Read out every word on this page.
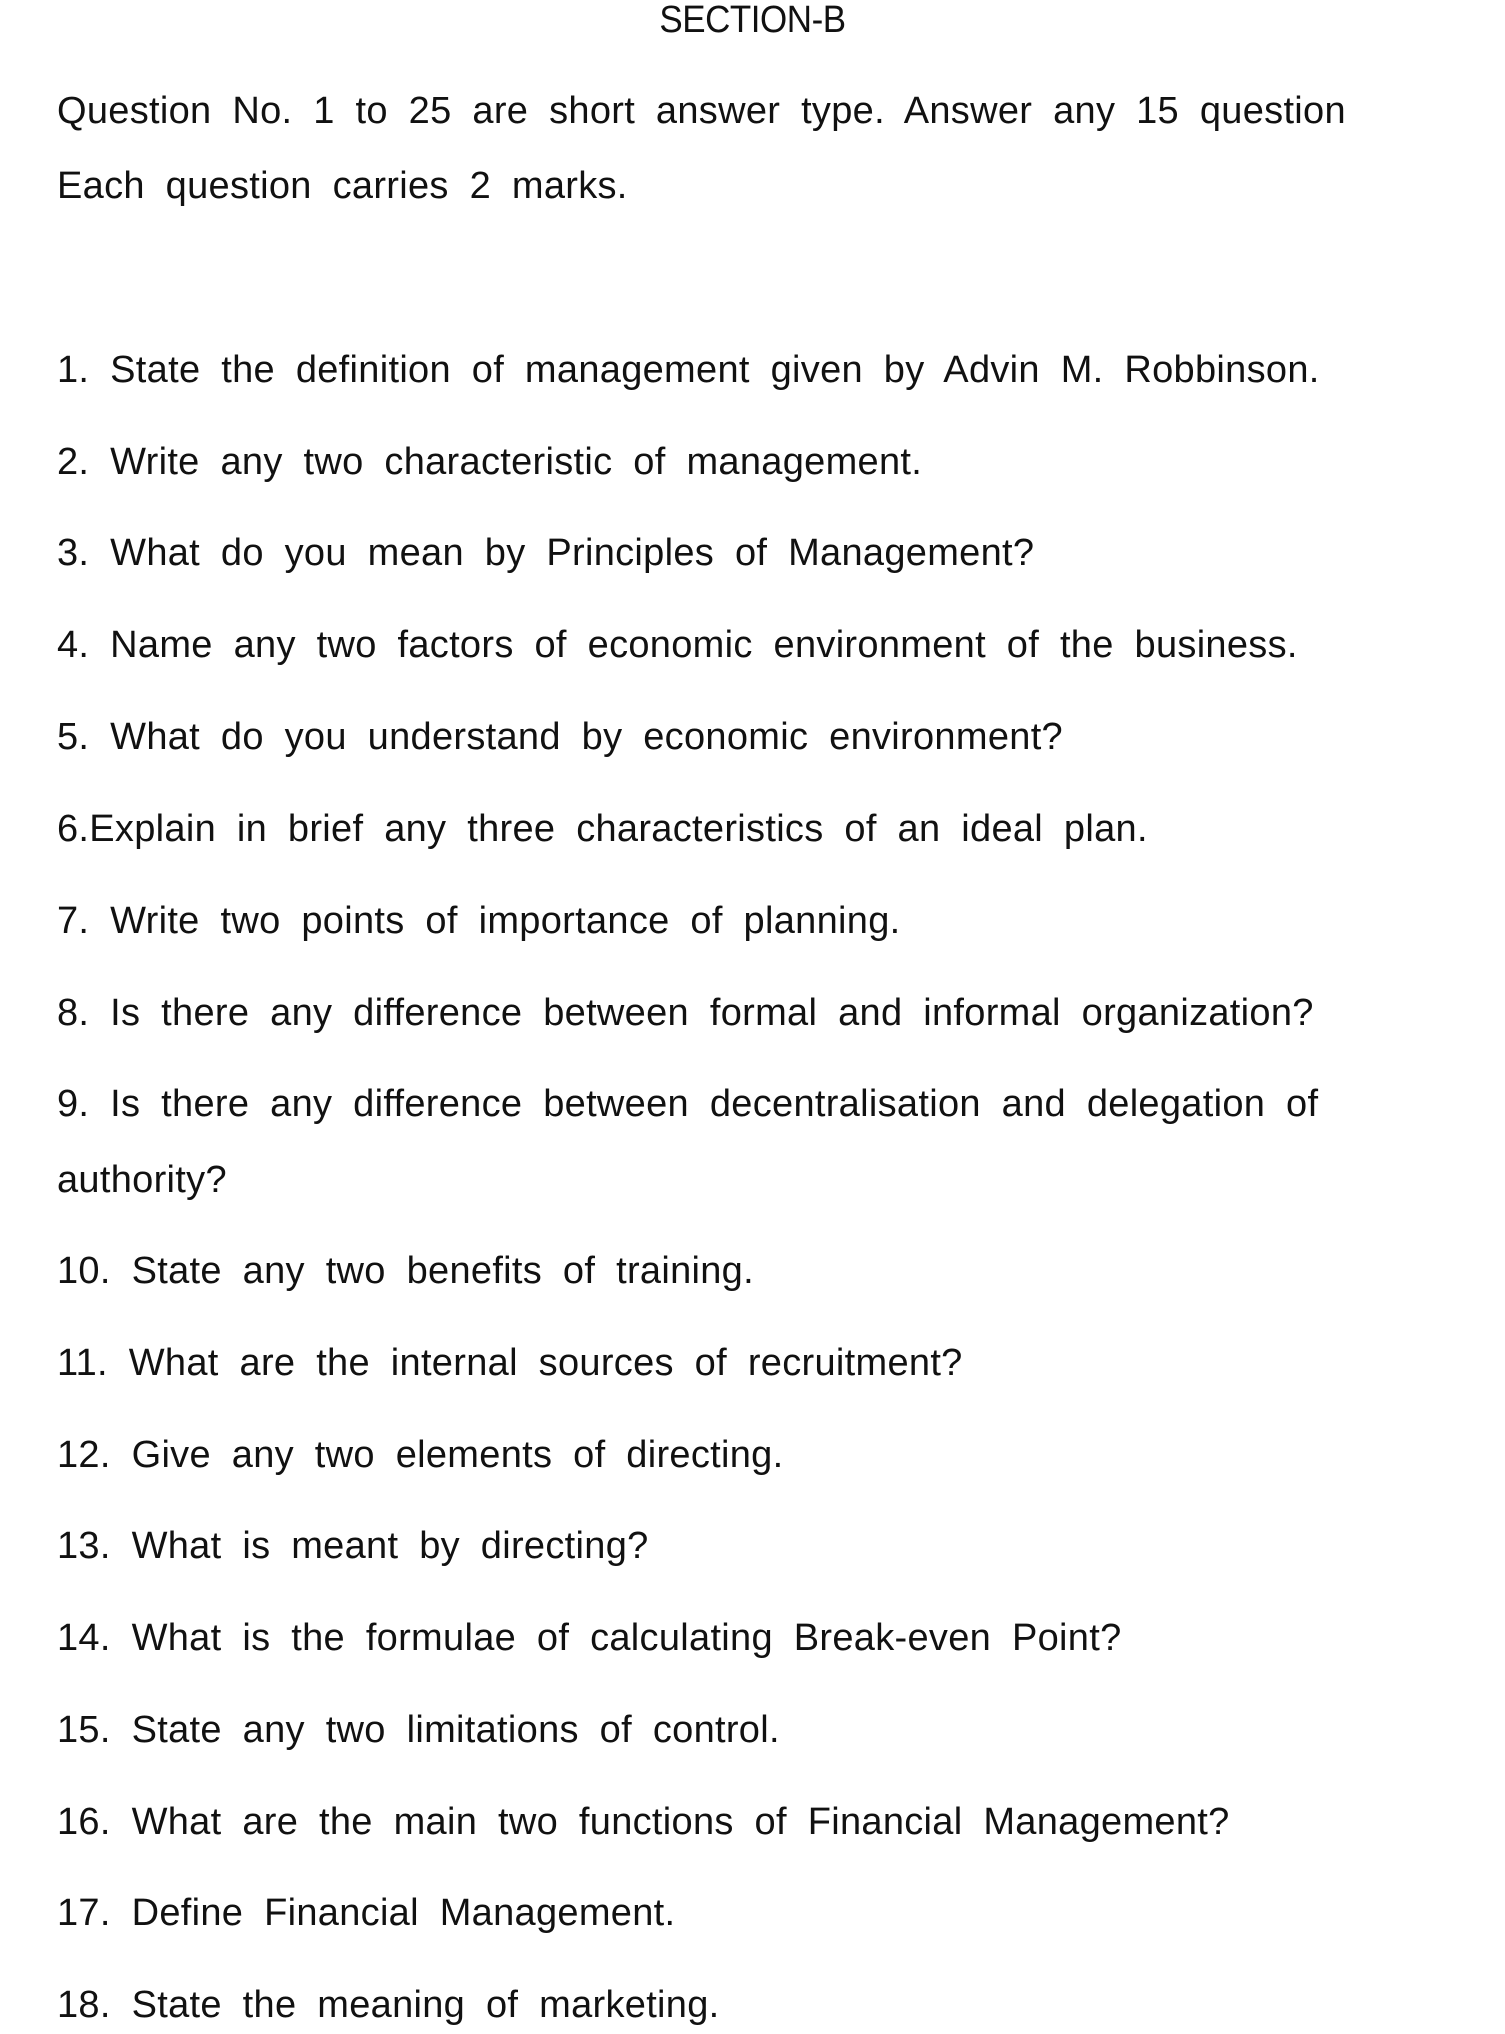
SECTION-B
Question No. 1 to 25 are short answer type. Answer any 15 question
Each question carries 2 marks.
1. State the definition of management given by Advin M. Robbinson.
2. Write any two characteristic of management.
3. What do you mean by Principles of Management?
4. Name any two factors of economic environment of the business.
5. What do you understand by economic environment?
6.Explain in brief any three characteristics of an ideal plan.
7. Write two points of importance of planning.
8. Is there any difference between formal and informal organization?
9. Is there any difference between decentralisation and delegation of
authority?
10. State any two benefits of training.
11. What are the internal sources of recruitment?
12. Give any two elements of directing.
13. What is meant by directing?
14. What is the formulae of calculating Break-even Point?
15. State any two limitations of control.
16. What are the main two functions of Financial Management?
17. Define Financial Management.
18. State the meaning of marketing.
